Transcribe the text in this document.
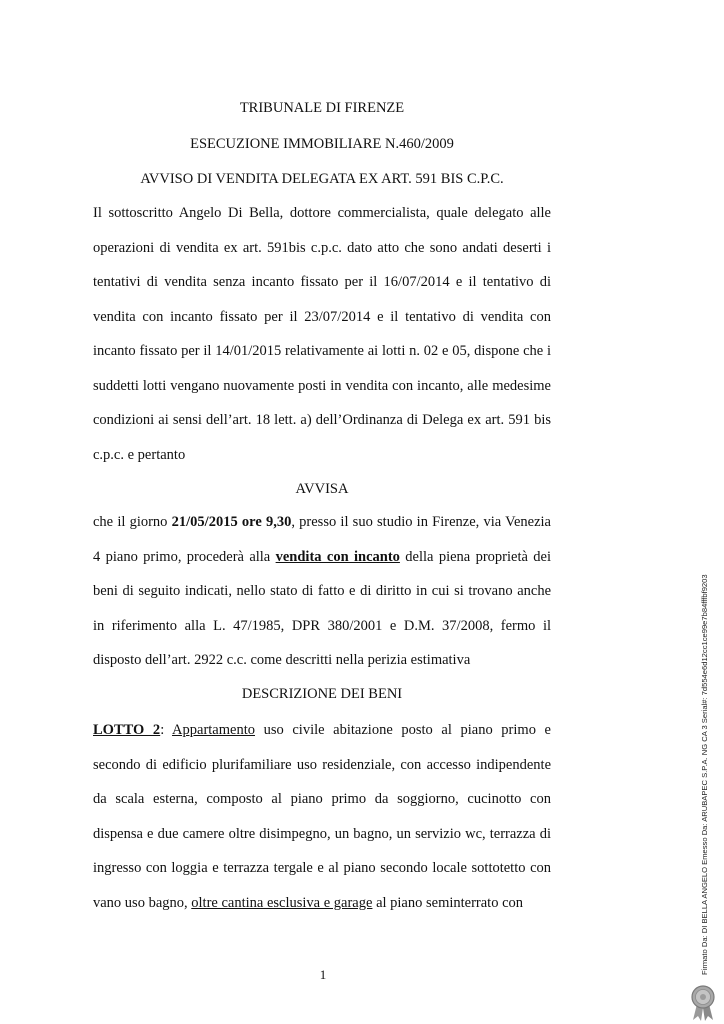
TRIBUNALE DI FIRENZE
ESECUZIONE IMMOBILIARE N.460/2009
AVVISO DI VENDITA DELEGATA EX ART. 591 BIS C.P.C.

Il sottoscritto Angelo Di Bella, dottore commercialista, quale delegato alle operazioni di vendita ex art. 591bis c.p.c. dato atto che sono andati deserti i tentativi di vendita senza incanto fissato per il 16/07/2014 e il tentativo di vendita con incanto fissato per il 23/07/2014 e il tentativo di vendita con incanto fissato per il 14/01/2015 relativamente ai lotti n. 02 e 05, dispone che i suddetti lotti vengano nuovamente posti in vendita con incanto, alle medesime condizioni ai sensi dell’art. 18 lett. a) dell’Ordinanza di Delega ex art. 591 bis c.p.c. e pertanto

AVVISA

che il giorno 21/05/2015 ore 9,30, presso il suo studio in Firenze, via Venezia 4 piano primo, procederà alla vendita con incanto della piena proprietà dei beni di seguito indicati, nello stato di fatto e di diritto in cui si trovano anche in riferimento alla L. 47/1985, DPR 380/2001 e D.M. 37/2008, fermo il disposto dell’art. 2922 c.c. come descritti nella perizia estimativa

DESCRIZIONE DEI BENI

LOTTO 2: Appartamento uso civile abitazione posto al piano primo e secondo di edificio plurifamiliare uso residenziale, con accesso indipendente da scala esterna, composto al piano primo da soggiorno, cucinotto con dispensa e due camere oltre disimpegno, un bagno, un servizio wc, terrazza di ingresso con loggia e terrazza tergale e al piano secondo locale sottotetto con vano uso bagno, oltre cantina esclusiva e garage al piano seminterrato con

1	Firmato Da: DI BELLA ANGELO Emesso Da: ARUBAPEC S.P.A. NG CA 3 Serial#: 7d554e6d12cc1ce99e7b84fffbf9203
